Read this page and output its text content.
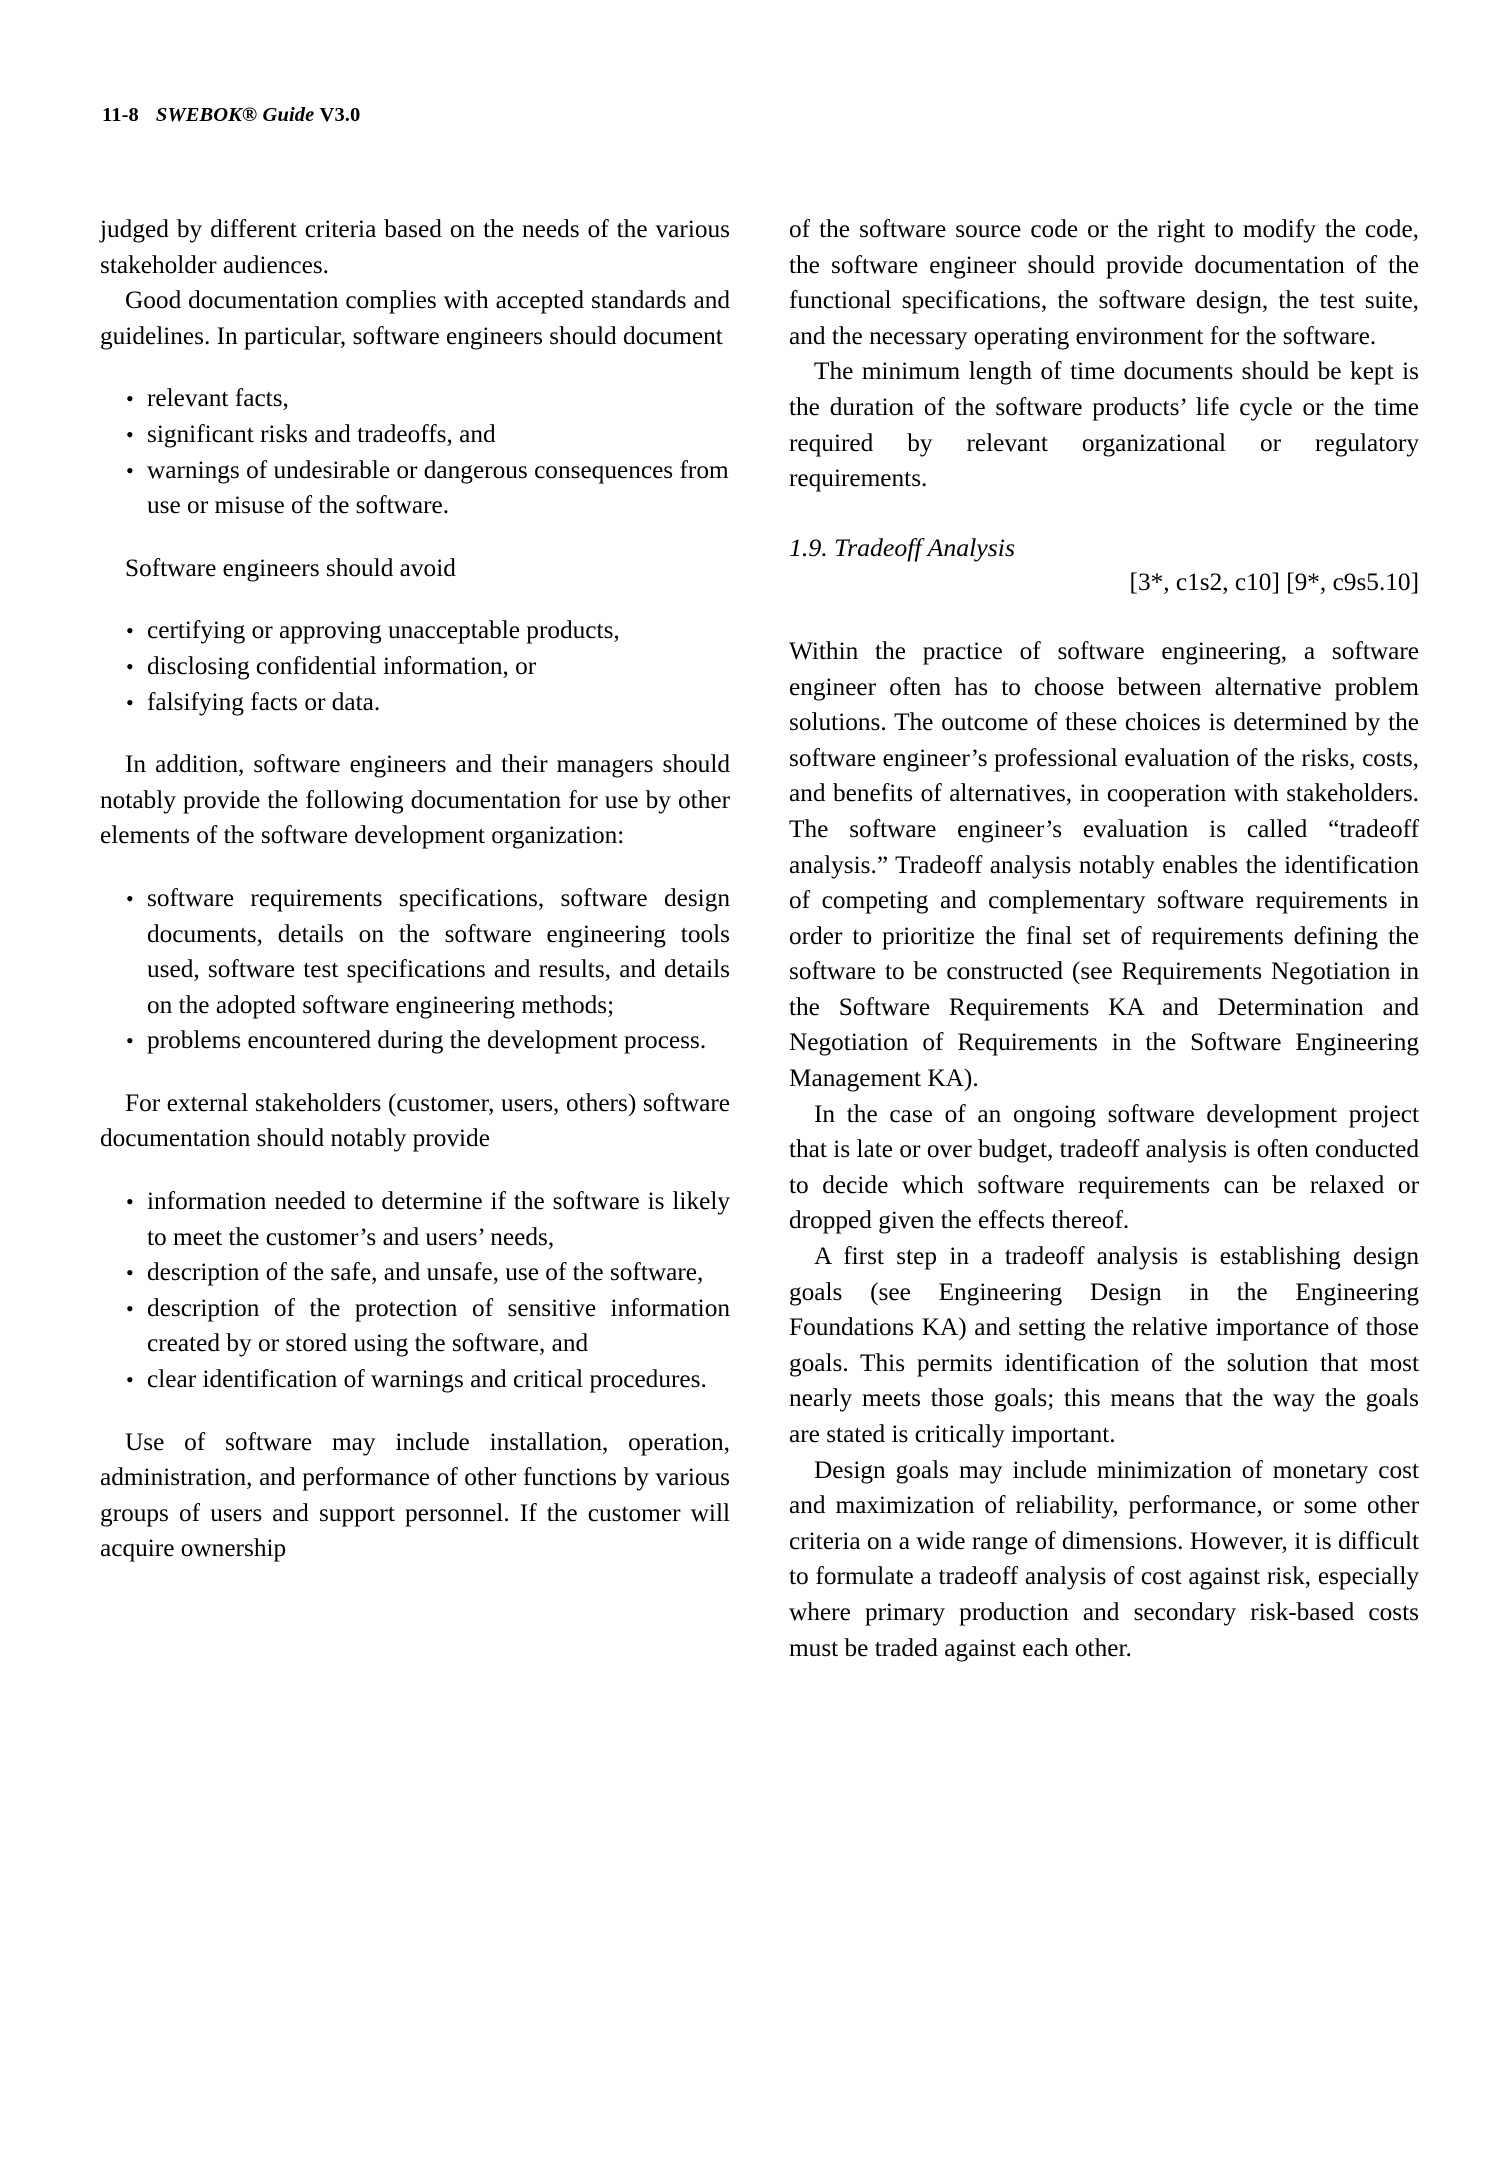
11-8 SWEBOK® Guide V3.0

judged by different criteria based on the needs of the various stakeholder audiences.

Good documentation complies with accepted standards and guidelines. In particular, software engineers should document

• relevant facts,
• significant risks and tradeoffs, and
• warnings of undesirable or dangerous consequences from use or misuse of the software.

Software engineers should avoid

• certifying or approving unacceptable products,
• disclosing confidential information, or
• falsifying facts or data.

In addition, software engineers and their managers should notably provide the following documentation for use by other elements of the software development organization:

• software requirements specifications, software design documents, details on the software engineering tools used, software test specifications and results, and details on the adopted software engineering methods;
• problems encountered during the development process.

For external stakeholders (customer, users, others) software documentation should notably provide

• information needed to determine if the software is likely to meet the customer’s and users’ needs,
• description of the safe, and unsafe, use of the software,
• description of the protection of sensitive information created by or stored using the software, and
• clear identification of warnings and critical procedures.

Use of software may include installation, operation, administration, and performance of other functions by various groups of users and support personnel. If the customer will acquire ownership

of the software source code or the right to modify the code, the software engineer should provide documentation of the functional specifications, the software design, the test suite, and the necessary operating environment for the software.

The minimum length of time documents should be kept is the duration of the software products’ life cycle or the time required by relevant organizational or regulatory requirements.

1.9. Tradeoff Analysis

[3*, c1s2, c10] [9*, c9s5.10]

Within the practice of software engineering, a software engineer often has to choose between alternative problem solutions. The outcome of these choices is determined by the software engineer’s professional evaluation of the risks, costs, and benefits of alternatives, in cooperation with stakeholders. The software engineer’s evaluation is called “tradeoff analysis.” Tradeoff analysis notably enables the identification of competing and complementary software requirements in order to prioritize the final set of requirements defining the software to be constructed (see Requirements Negotiation in the Software Requirements KA and Determination and Negotiation of Requirements in the Software Engineering Management KA).

In the case of an ongoing software development project that is late or over budget, tradeoff analysis is often conducted to decide which software requirements can be relaxed or dropped given the effects thereof.

A first step in a tradeoff analysis is establishing design goals (see Engineering Design in the Engineering Foundations KA) and setting the relative importance of those goals. This permits identification of the solution that most nearly meets those goals; this means that the way the goals are stated is critically important.

Design goals may include minimization of monetary cost and maximization of reliability, performance, or some other criteria on a wide range of dimensions. However, it is difficult to formulate a tradeoff analysis of cost against risk, especially where primary production and secondary risk-based costs must be traded against each other.
